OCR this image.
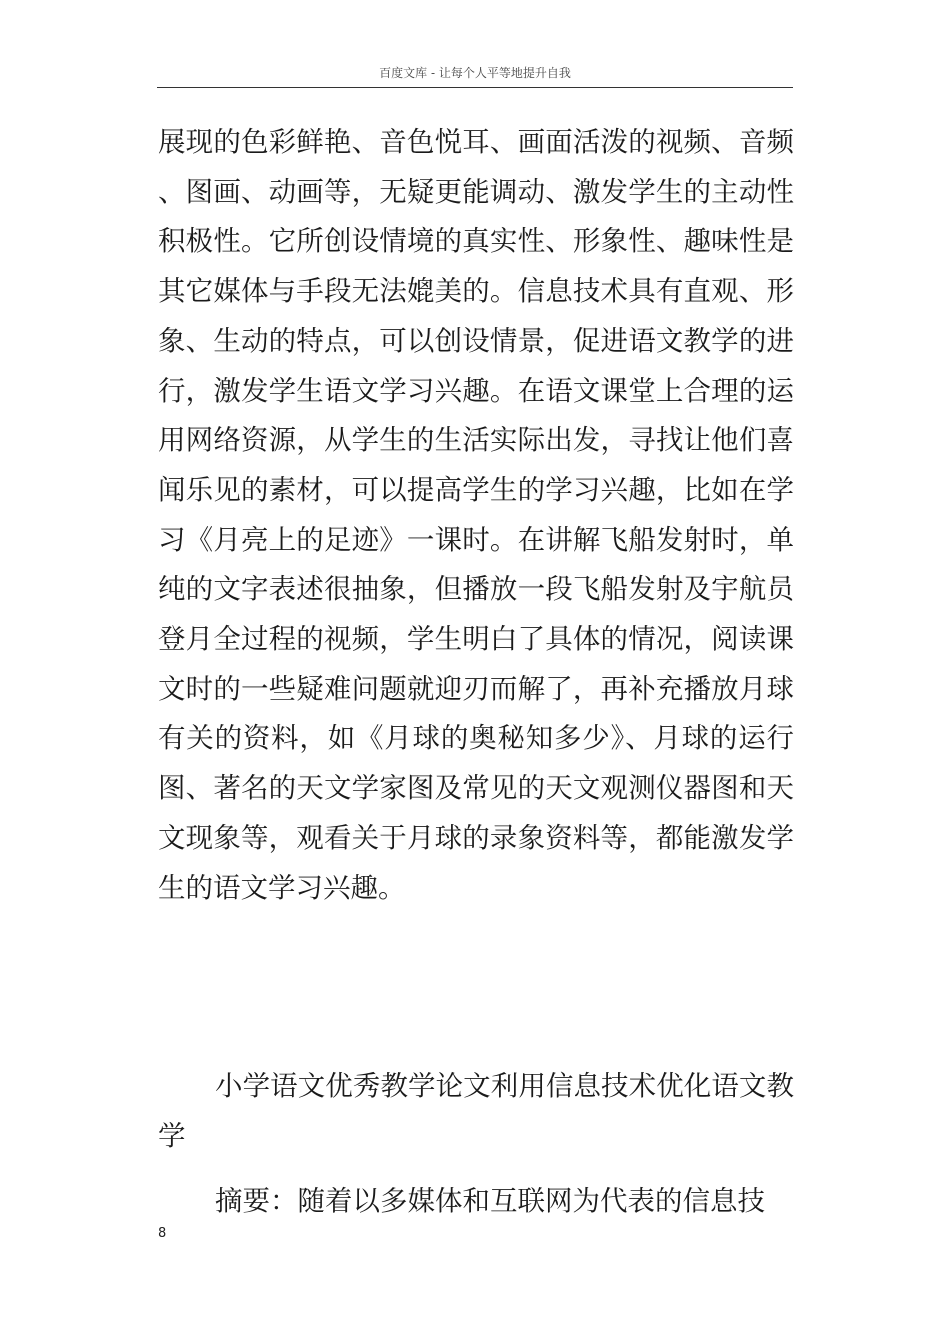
百度文库 - 让每个人平等地提升自我

展现的色彩鲜艳、音色悦耳、画面活泼的视频、音频、图画、动画等，无疑更能调动、激发学生的主动性积极性。它所创设情境的真实性、形象性、趣味性是其它媒体与手段无法媲美的。信息技术具有直观、形象、生动的特点，可以创设情景，促进语文教学的进行，激发学生语文学习兴趣。在语文课堂上合理的运用网络资源，从学生的生活实际出发，寻找让他们喜闻乐见的素材，可以提高学生的学习兴趣，比如在学习《月亮上的足迹》一课时。在讲解飞船发射时，单纯的文字表述很抽象，但播放一段飞船发射及宇航员登月全过程的视频，学生明白了具体的情况，阅读课文时的一些疑难问题就迎刃而解了，再补充播放月球有关的资料，如《月球的奥秘知多少》、月球的运行图、著名的天文学家图及常见的天文观测仪器图和天文现象等，观看关于月球的录象资料等，都能激发学生的语文学习兴趣。

小学语文优秀教学论文利用信息技术优化语文教学

摘要：随着以多媒体和互联网为代表的信息技

8
